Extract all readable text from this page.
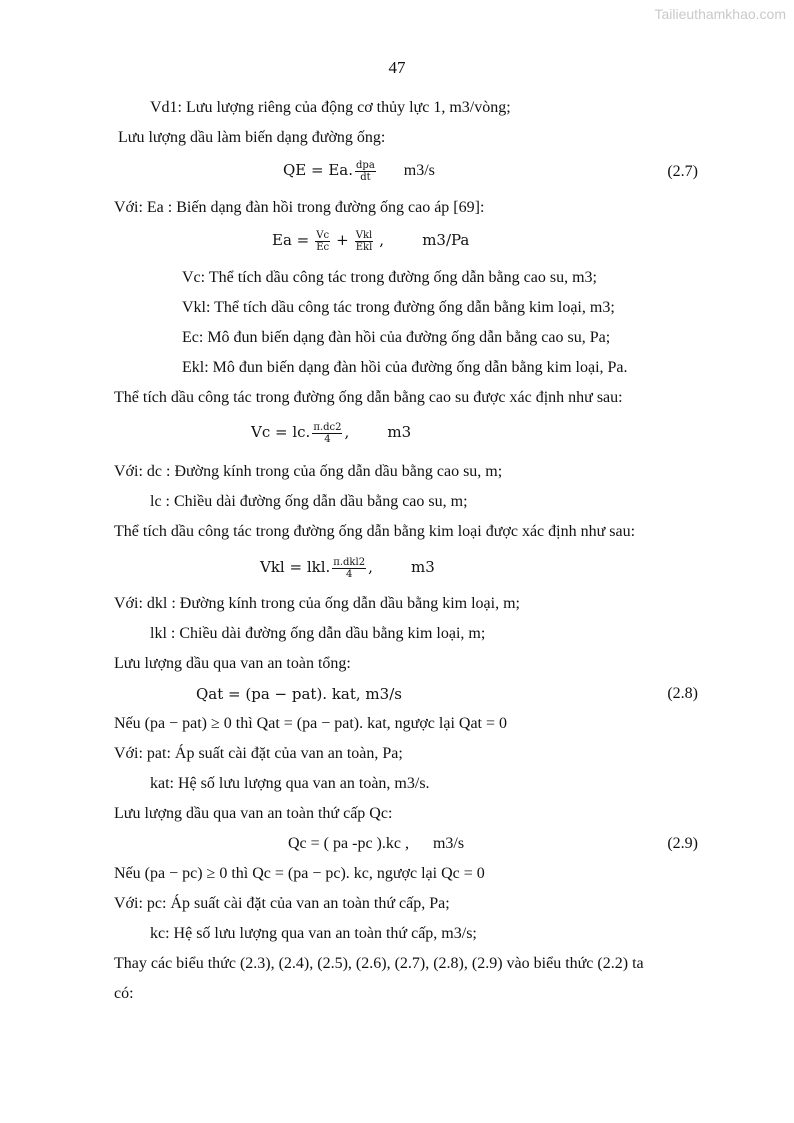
Tailieuthamkhao.com
47
Vd1: Lưu lượng riêng của động cơ thủy lực 1, m3/vòng;
Lưu lượng dầu làm biến dạng đường ống:
QE = Ea. $\frac{\text{dpa}}{dt} m3/s$	(2.7)
Với: Ea : Biến dạng đàn hồi trong đường ống cao áp [69]:
$Ea = \frac{Vc}{Ec} + \frac{\text{Vkl}}{\text{Ekl}}$ ,        m3/Pa
Vc: Thể tích dầu công tác trong đường ống dẫn bằng cao su, m3;
Vkl: Thể tích dầu công tác trong đường ống dẫn bằng kim loại, m3;
Ec: Mô đun biến dạng đàn hồi của đường ống dẫn bằng cao su, Pa;
Ekl: Mô đun biến dạng đàn hồi của đường ống dẫn bằng kim loại, Pa.
Thể tích dầu công tác trong đường ống dẫn bằng cao su được xác định như sau:
Vc = lc. $\frac{\pi.dc2}{4}$ ,        m3
Với: dc : Đường kính trong của ống dẫn dầu bằng cao su, m;
lc : Chiều dài đường ống dẫn dầu bằng cao su, m;
Thể tích dầu công tác trong đường ống dẫn bằng kim loại được xác định như sau:
Vkl = lkl. $\frac{\text{π.dkl2}}{4}$ ,        m3
Với: dkl : Đường kính trong của ống dẫn dầu bằng kim loại, m;
lkl : Chiều dài đường ống dẫn dầu bằng kim loại, m;
Lưu lượng dầu qua van an toàn tổng:
Qat = (pa − pat). kat, m3/s	(2.8)
Nếu (pa − pat) ≥ 0 thì Qat = (pa − pat). kat, ngược lại Qat = 0
Với: pat: Áp suất cài đặt của van an toàn, Pa;
kat: Hệ số lưu lượng qua van an toàn, m3/s.
Lưu lượng dầu qua van an toàn thứ cấp Qc:
Qc = ( pa -pc ).kc ,      m3/s	(2.9)
Nếu (pa − pc) ≥ 0 thì Qc = (pa − pc). kc, ngược lại Qc = 0
Với: pc: Áp suất cài đặt của van an toàn thứ cấp, Pa;
kc: Hệ số lưu lượng qua van an toàn thứ cấp, m3/s;
Thay các biểu thức (2.3), (2.4), (2.5), (2.6), (2.7), (2.8), (2.9) vào biểu thức (2.2) ta
có:
